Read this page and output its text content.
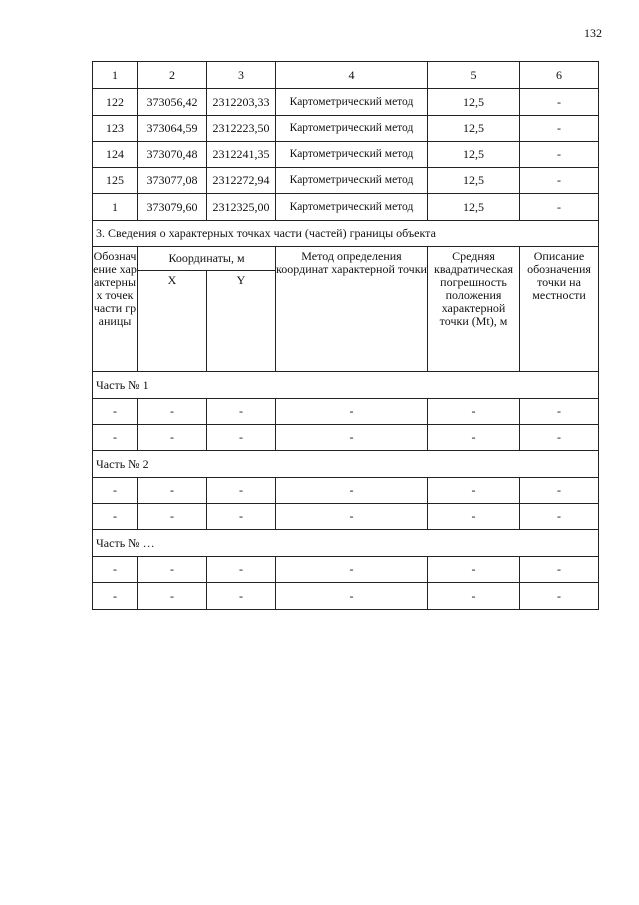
132
1	2	3	4	5	6
122	373056,42	2312203,33	Картометрический метод	12,5	-
123	373064,59	2312223,50	Картометрический метод	12,5	-
124	373070,48	2312241,35	Картометрический метод	12,5	-
125	373077,08	2312272,94	Картометрический метод	12,5	-
1	373079,60	2312325,00	Картометрический метод	12,5	-
3. Сведения о характерных точках части (частей) границы объекта					
Обозначение характерных точек части границы	Координаты, м		Метод определения координат характерной точки	Средняя квадратическая погрешность положения характерной точки (Mt), м	Описание обозначения точки на местности
	X	Y			
Часть № 1					
-	-	-	-	-	-
-	-	-	-	-	-
Часть № 2					
-	-	-	-	-	-
-	-	-	-	-	-
Часть № …					
-	-	-	-	-	-
-	-	-	-	-	-
